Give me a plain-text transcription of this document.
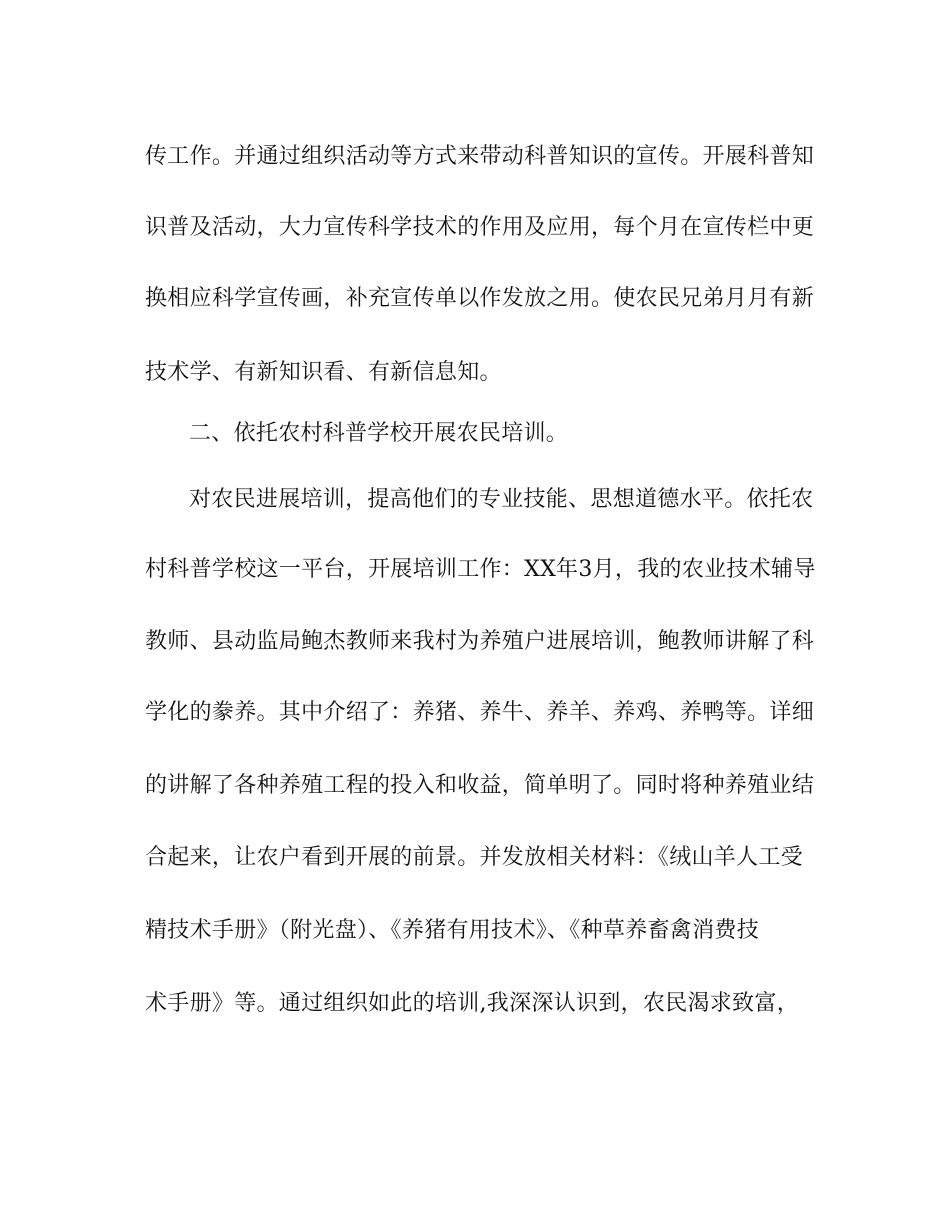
传工作。并通过组织活动等方式来带动科普知识的宣传。开展科普知
识普及活动，大力宣传科学技术的作用及应用，每个月在宣传栏中更
换相应科学宣传画，补充宣传单以作发放之用。使农民兄弟月月有新
技术学、有新知识看、有新信息知。
二、依托农村科普学校开展农民培训。
对农民进展培训，提高他们的专业技能、思想道德水平。依托农
村科普学校这一平台，开展培训工作：XX年3月，我的农业技术辅导
教师、县动监局鲍杰教师来我村为养殖户进展培训，鲍教师讲解了科
学化的豢养。其中介绍了：养猪、养牛、养羊、养鸡、养鸭等。详细
的讲解了各种养殖工程的投入和收益，简单明了。同时将种养殖业结
合起来，让农户看到开展的前景。并发放相关材料：《绒山羊人工受
精技术手册》（附光盘）、《养猪有用技术》、《种草养畜禽消费技
术手册》等。通过组织如此的培训,我深深认识到，农民渴求致富，
